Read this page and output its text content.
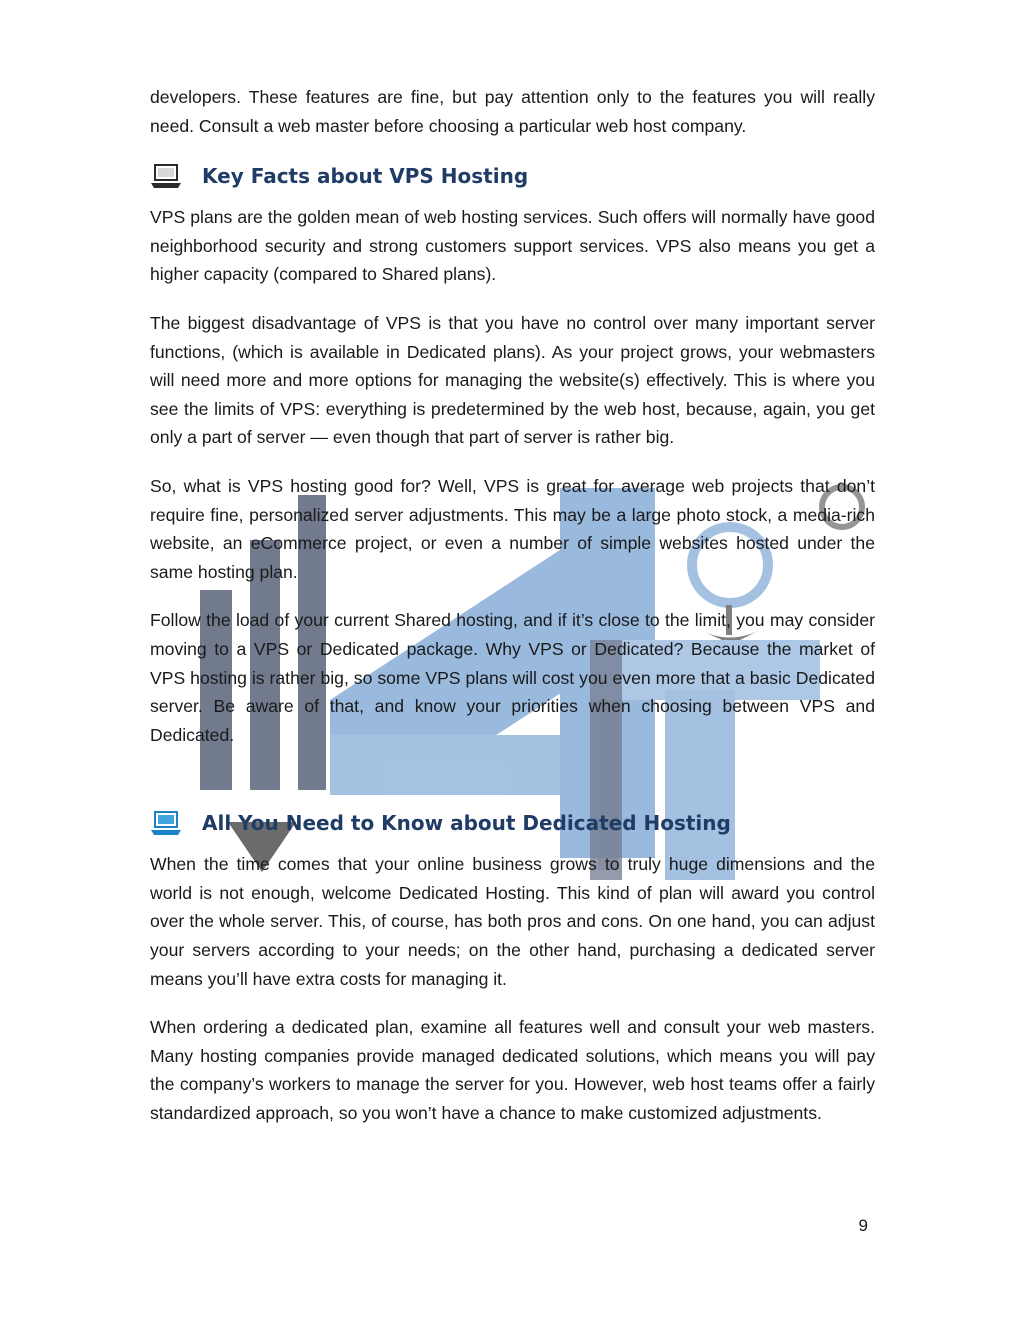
developers. These features are fine, but pay attention only to the features you will really need. Consult a web master before choosing a particular web host company.

Key Facts about VPS Hosting

VPS plans are the golden mean of web hosting services. Such offers will normally have good neighborhood security and strong customers support services. VPS also means you get a higher capacity (compared to Shared plans).

The biggest disadvantage of VPS is that you have no control over many important server functions, (which is available in Dedicated plans). As your project grows, your webmasters will need more and more options for managing the website(s) effectively. This is where you see the limits of VPS: everything is predetermined by the web host, because, again, you get only a part of server — even though that part of server is rather big.

So, what is VPS hosting good for? Well, VPS is great for average web projects that don’t require fine, personalized server adjustments. This may be a large photo stock, a media-rich website, an eCommerce project, or even a number of simple websites hosted under the same hosting plan.

Follow the load of your current Shared hosting, and if it’s close to the limit, you may consider moving to a VPS or Dedicated package. Why VPS or Dedicated? Because the market of VPS hosting is rather big, so some VPS plans will cost you even more that a basic Dedicated server. Be aware of that, and know your priorities when choosing between VPS and Dedicated.

All You Need to Know about Dedicated Hosting

When the time comes that your online business grows to truly huge dimensions and the world is not enough, welcome Dedicated Hosting. This kind of plan will award you control over the whole server. This, of course, has both pros and cons. On one hand, you can adjust your servers according to your needs; on the other hand, purchasing a dedicated server means you’ll have extra costs for managing it.

When ordering a dedicated plan, examine all features well and consult your web masters. Many hosting companies provide managed dedicated solutions, which means you will pay the company’s workers to manage the server for you. However, web host teams offer a fairly standardized approach, so you won’t have a chance to make customized adjustments.

9
